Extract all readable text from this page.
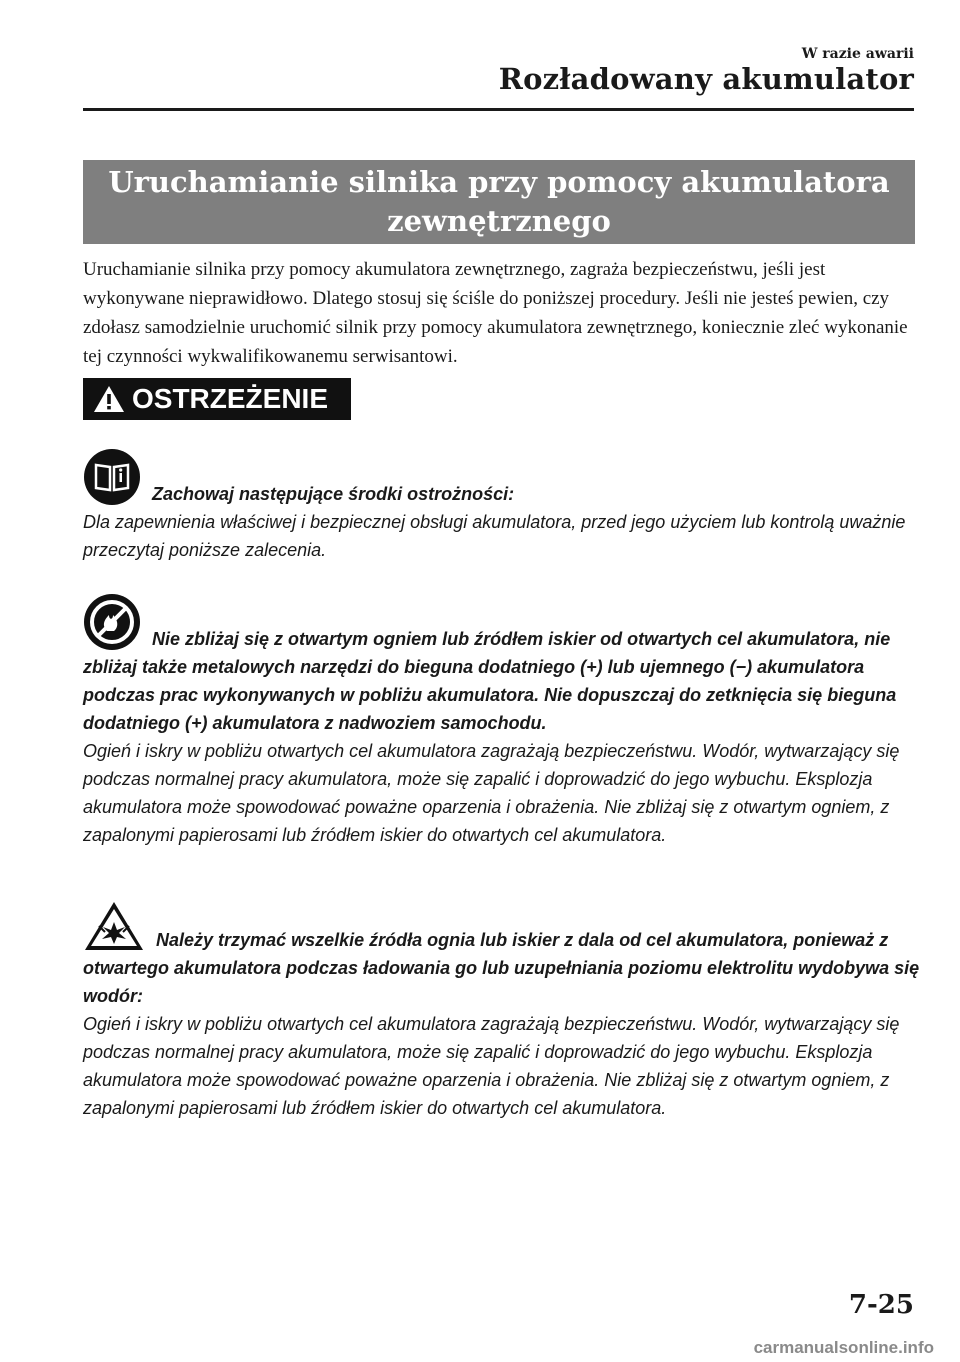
W razie awarii
Rozładowany akumulator
Uruchamianie silnika przy pomocy akumulatora
zewnętrznego
Uruchamianie silnika przy pomocy akumulatora zewnętrznego, zagraża bezpieczeństwu, jeśli jest wykonywane nieprawidłowo. Dlatego stosuj się ściśle do poniższej procedury. Jeśli nie jesteś pewien, czy zdołasz samodzielnie uruchomić silnik przy pomocy akumulatora zewnętrznego, koniecznie zleć wykonanie tej czynności wykwalifikowanemu serwisantowi.
OSTRZEŻENIE
Zachowaj następujące środki ostrożności:
Dla zapewnienia właściwej i bezpiecznej obsługi akumulatora, przed jego użyciem lub kontrolą uważnie przeczytaj poniższe zalecenia.
Nie zbliżaj się z otwartym ogniem lub źródłem iskier od otwartych cel akumulatora, nie zbliżaj także metalowych narzędzi do bieguna dodatniego (+) lub ujemnego (−) akumulatora podczas prac wykonywanych w pobliżu akumulatora. Nie dopuszczaj do zetknięcia się bieguna dodatniego (+) akumulatora z nadwoziem samochodu.
Ogień i iskry w pobliżu otwartych cel akumulatora zagrażają bezpieczeństwu. Wodór, wytwarzający się podczas normalnej pracy akumulatora, może się zapalić i doprowadzić do jego wybuchu. Eksplozja akumulatora może spowodować poważne oparzenia i obrażenia. Nie zbliżaj się z otwartym ogniem, z zapalonymi papierosami lub źródłem iskier do otwartych cel akumulatora.
Należy trzymać wszelkie źródła ognia lub iskier z dala od cel akumulatora, ponieważ z otwartego akumulatora podczas ładowania go lub uzupełniania poziomu elektrolitu wydobywa się wodór:
Ogień i iskry w pobliżu otwartych cel akumulatora zagrażają bezpieczeństwu. Wodór, wytwarzający się podczas normalnej pracy akumulatora, może się zapalić i doprowadzić do jego wybuchu. Eksplozja akumulatora może spowodować poważne oparzenia i obrażenia. Nie zbliżaj się z otwartym ogniem, z zapalonymi papierosami lub źródłem iskier do otwartych cel akumulatora.
7-25
carmanualsonline.info
